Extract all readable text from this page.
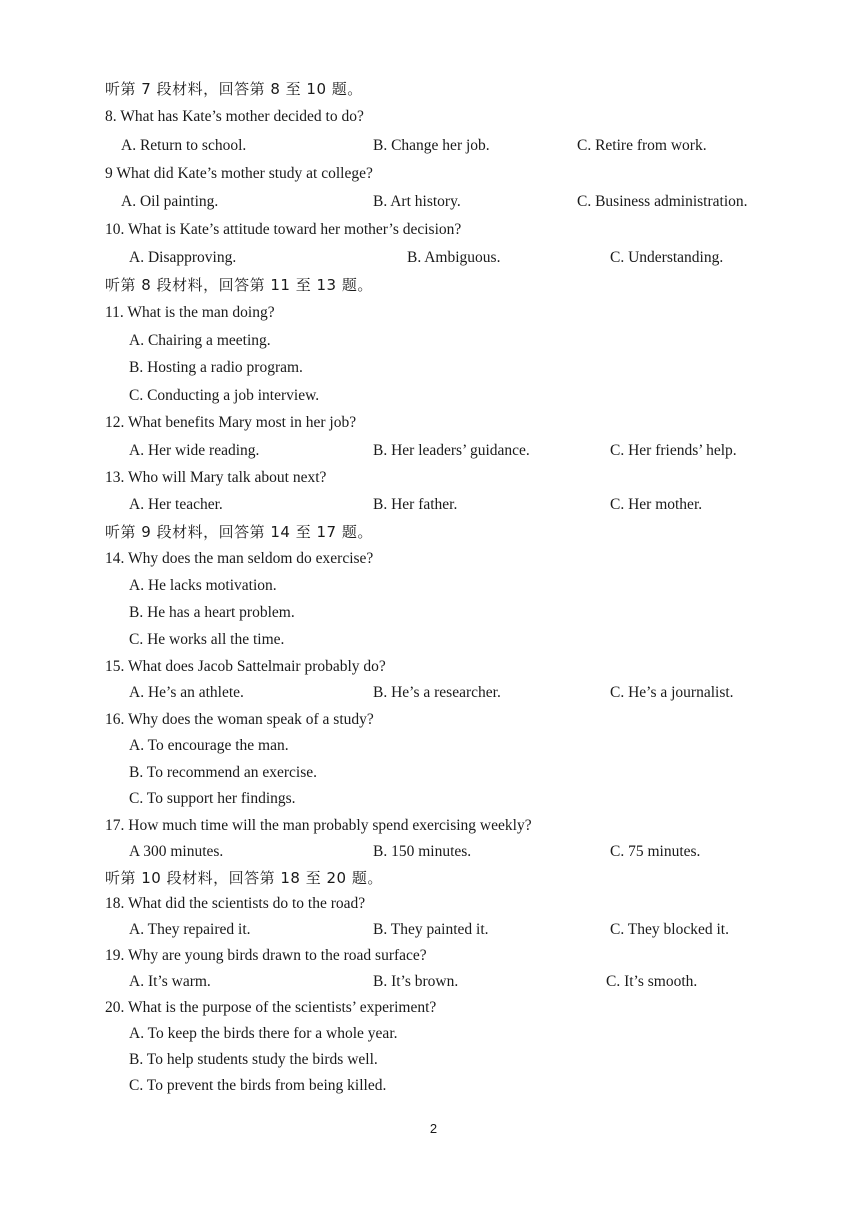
听第 7 段材料，回答第 8 至 10 题。
8. What has Kate’s mother decided to do?
A. Return to school.	B. Change her job.	C. Retire from work.
9 What did Kate’s mother study at college?
A. Oil painting.	B. Art history.	C. Business administration.
10. What is Kate’s attitude toward her mother’s decision?
A. Disapproving.	B. Ambiguous.	C. Understanding.
听第 8 段材料，回答第 11 至 13 题。
11. What is the man doing?
A. Chairing a meeting.
B. Hosting a radio program.
C. Conducting a job interview.
12. What benefits Mary most in her job?
A. Her wide reading.	B. Her leaders’ guidance.	C. Her friends’ help.
13. Who will Mary talk about next?
A. Her teacher.	B. Her father.	C. Her mother.
听第 9 段材料，回答第 14 至 17 题。
14. Why does the man seldom do exercise?
A. He lacks motivation.
B. He has a heart problem.
C. He works all the time.
15. What does Jacob Sattelmair probably do?
A. He’s an athlete.	B. He’s a researcher.	C. He’s a journalist.
16. Why does the woman speak of a study?
A. To encourage the man.
B. To recommend an exercise.
C. To support her findings.
17. How much time will the man probably spend exercising weekly?
A 300 minutes.	B. 150 minutes.	C. 75 minutes.
听第 10 段材料，回答第 18 至 20 题。
18. What did the scientists do to the road?
A. They repaired it.	B. They painted it.	C. They blocked it.
19. Why are young birds drawn to the road surface?
A. It’s warm.	B. It’s brown.	C. It’s smooth.
20. What is the purpose of the scientists’ experiment?
A. To keep the birds there for a whole year.
B. To help students study the birds well.
C. To prevent the birds from being killed.
2
